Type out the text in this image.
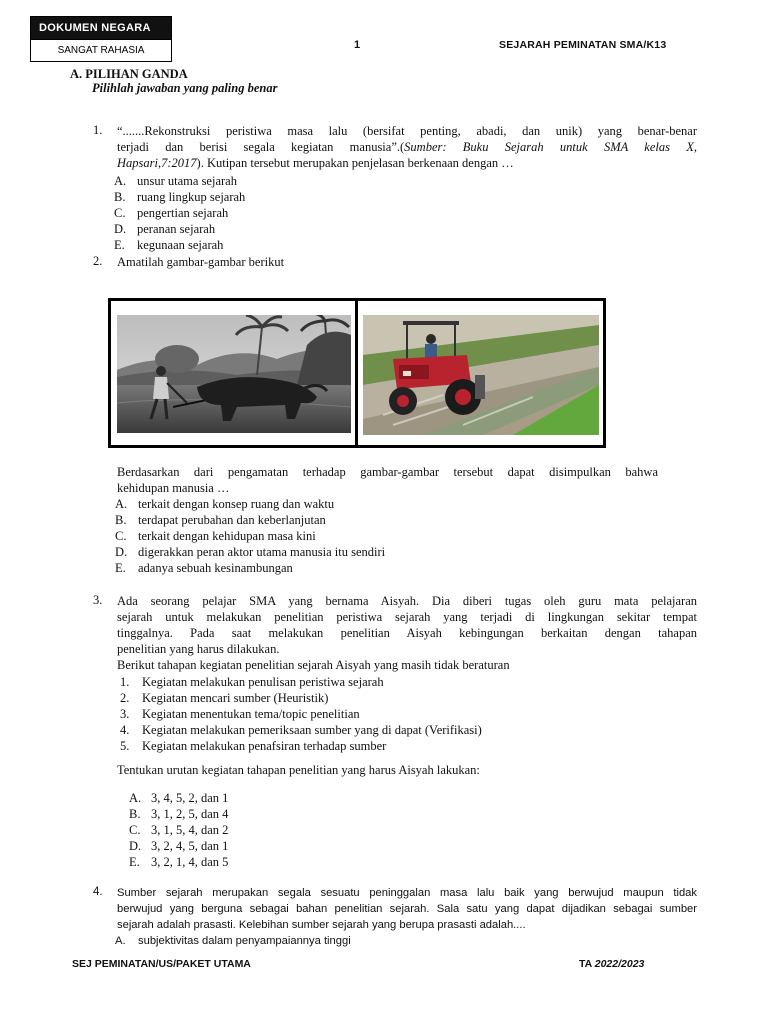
DOKUMEN NEGARA
SANGAT RAHASIA	1	SEJARAH PEMINATAN SMA/K13
A. PILIHAN GANDA
Pilihlah jawaban yang paling benar
1. “.......Rekonstruksi peristiwa masa lalu (bersifat penting, abadi, dan unik) yang benar-benar
terjadi dan berisi segala kegiatan manusia”.(Sumber: Buku Sejarah untuk SMA kelas X,
Hapsari,7:2017). Kutipan tersebut merupakan penjelasan berkenaan dengan …
A. unsur utama sejarah
B. ruang lingkup sejarah
C. pengertian sejarah
D. peranan sejarah
E. kegunaan sejarah
2. Amatilah gambar-gambar berikut
Berdasarkan dari pengamatan terhadap gambar-gambar tersebut dapat disimpulkan bahwa
kehidupan manusia …
A. terkait dengan konsep ruang dan waktu
B. terdapat perubahan dan keberlanjutan
C. terkait dengan kehidupan masa kini
D. digerakkan peran aktor utama manusia itu sendiri
E. adanya sebuah kesinambungan
3. Ada seorang pelajar SMA yang bernama Aisyah. Dia diberi tugas oleh guru mata pelajaran
sejarah untuk melakukan penelitian peristiwa sejarah yang terjadi di lingkungan sekitar tempat
tinggalnya. Pada saat melakukan penelitian Aisyah kebingungan berkaitan dengan tahapan
penelitian yang harus dilakukan.
Berikut tahapan kegiatan penelitian sejarah Aisyah yang masih tidak beraturan
1. Kegiatan melakukan penulisan peristiwa sejarah
2. Kegiatan mencari sumber (Heuristik)
3. Kegiatan menentukan tema/topic penelitian
4. Kegiatan melakukan pemeriksaan sumber yang di dapat (Verifikasi)
5. Kegiatan melakukan penafsiran terhadap sumber
Tentukan urutan kegiatan tahapan penelitian yang harus Aisyah lakukan:
A. 3, 4, 5, 2, dan 1
B. 3, 1, 2, 5, dan 4
C. 3, 1, 5, 4, dan 2
D. 3, 2, 4, 5, dan 1
E. 3, 2, 1, 4, dan 5
4. Sumber sejarah merupakan segala sesuatu peninggalan masa lalu baik yang berwujud maupun tidak
berwujud yang berguna sebagai bahan penelitian sejarah. Sala satu yang dapat dijadikan sebagai sumber
sejarah adalah prasasti. Kelebihan sumber sejarah yang berupa prasasti adalah....
A. subjektivitas dalam penyampaiannya tinggi
SEJ PEMINATAN/US/PAKET UTAMA	TA 2022/2023
